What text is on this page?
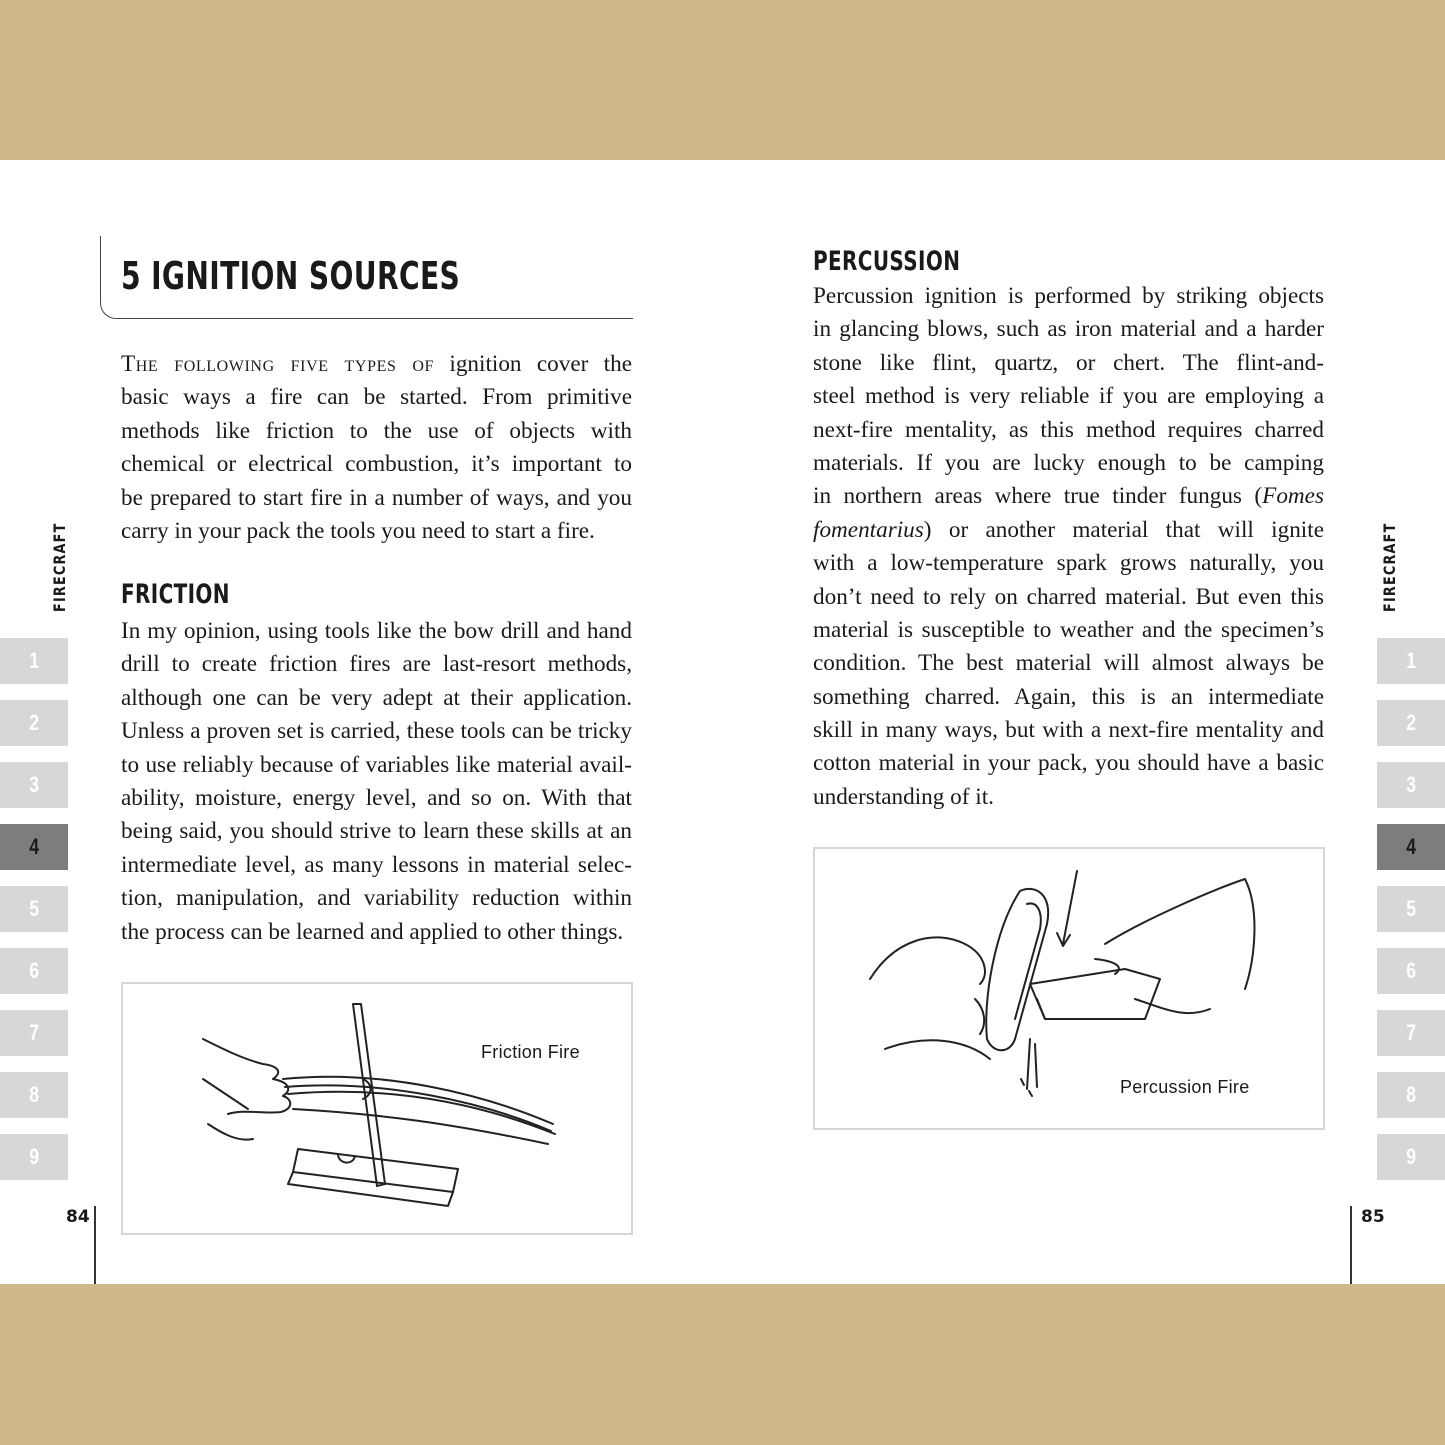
5 IGNITION SOURCES
The following five types of ignition cover the
basic ways a fire can be started. From primitive
methods like friction to the use of objects with
chemical or electrical combustion, it’s important to
be prepared to start fire in a number of ways, and you
carry in your pack the tools you need to start a fire.
FRICTION
In my opinion, using tools like the bow drill and hand
drill to create friction fires are last-resort methods,
although one can be very adept at their application.
Unless a proven set is carried, these tools can be tricky
to use reliably because of variables like material avail-
ability, moisture, energy level, and so on. With that
being said, you should strive to learn these skills at an
intermediate level, as many lessons in material selec-
tion, manipulation, and variability reduction within
the process can be learned and applied to other things.
Friction Fire
84
PERCUSSION
Percussion ignition is performed by striking objects
in glancing blows, such as iron material and a harder
stone like flint, quartz, or chert. The flint-and-
steel method is very reliable if you are employing a
next-fire mentality, as this method requires charred
materials. If you are lucky enough to be camping
in northern areas where true tinder fungus (Fomes
fomentarius) or another material that will ignite
with a low-temperature spark grows naturally, you
don’t need to rely on charred material. But even this
material is susceptible to weather and the specimen’s
condition. The best material will almost always be
something charred. Again, this is an intermediate
skill in many ways, but with a next-fire mentality and
cotton material in your pack, you should have a basic
understanding of it.
Percussion Fire
85
FIRECRAFT	FIRECRAFT
1
2
3
4
5
6
7
8
9
1
2
3
4
5
6
7
8
9
